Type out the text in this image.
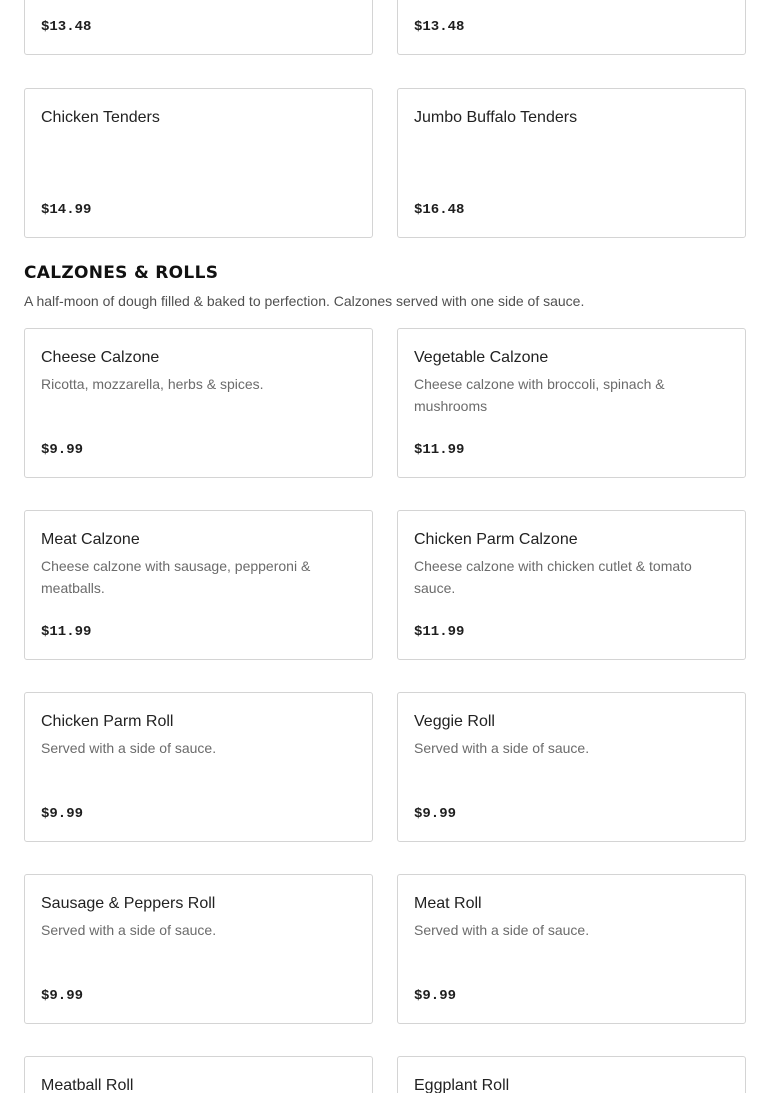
$13.48	$13.48
Chicken Tenders
$14.99
Jumbo Buffalo Tenders
$16.48
CALZONES & ROLLS
A half-moon of dough filled & baked to perfection. Calzones served with one side of sauce.
Cheese Calzone
Ricotta, mozzarella, herbs & spices.
$9.99
Vegetable Calzone
Cheese calzone with broccoli, spinach & mushrooms
$11.99
Meat Calzone
Cheese calzone with sausage, pepperoni & meatballs.
$11.99
Chicken Parm Calzone
Cheese calzone with chicken cutlet & tomato sauce.
$11.99
Chicken Parm Roll
Served with a side of sauce.
$9.99
Veggie Roll
Served with a side of sauce.
$9.99
Sausage & Peppers Roll
Served with a side of sauce.
$9.99
Meat Roll
Served with a side of sauce.
$9.99
Meatball Roll	Eggplant Roll
